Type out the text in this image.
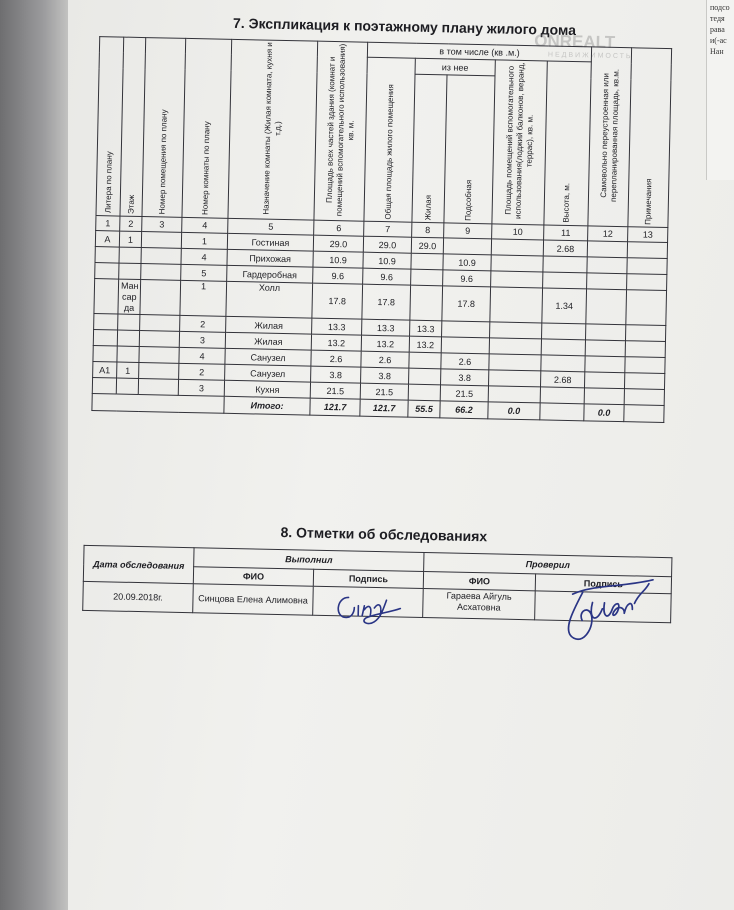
подсо тедя рава и(-ас Нан
7. Экспликация к поэтажному плану жилого дома
ONREALT
НЕДВИЖИМОСТЬ
Литера по плану	Этаж	Номер помещения по плану	Номер комнаты по плану	Назначение комнаты (Жилая комната, кухня и т.д.)	Площадь всех частей здания (комнат и помещений вспомогательного использования) кв. м.	в том числе (кв .м.)					Самовольно переустроенная или перепланированная площадь, кв.м.	Примечания
						Общая площадь жилого помещения	из нее		Площадь помещений вспомогательного использования(лоджий балконов, веранд, террас), кв. м.	Высота, м.		
							Жилая	Подсобная				
1	2	3	4	5	6	7	8	9	10	11	12	13
А	1		1	Гостиная	29.0	29.0	29.0			2.68		
			4	Прихожая	10.9	10.9		10.9				
			5	Гардеробная	9.6	9.6		9.6				
	Ман сар да		1	Холл	17.8	17.8		17.8		1.34		
			2	Жилая	13.3	13.3	13.3					
			3	Жилая	13.2	13.2	13.2					
			4	Санузел	2.6	2.6		2.6				
А1	1		2	Санузел	3.8	3.8		3.8		2.68		
			3	Кухня	21.5	21.5		21.5				
				Итого:	121.7	121.7	55.5	66.2	0.0		0.0	
8. Отметки об обследованиях
Дата обследования	Выполнил		Проверил	
	ФИО	Подпись	ФИО	Подпись
20.09.2018г.	Синцова Елена Алимовна		Гараева Айгуль Асхатовна	
